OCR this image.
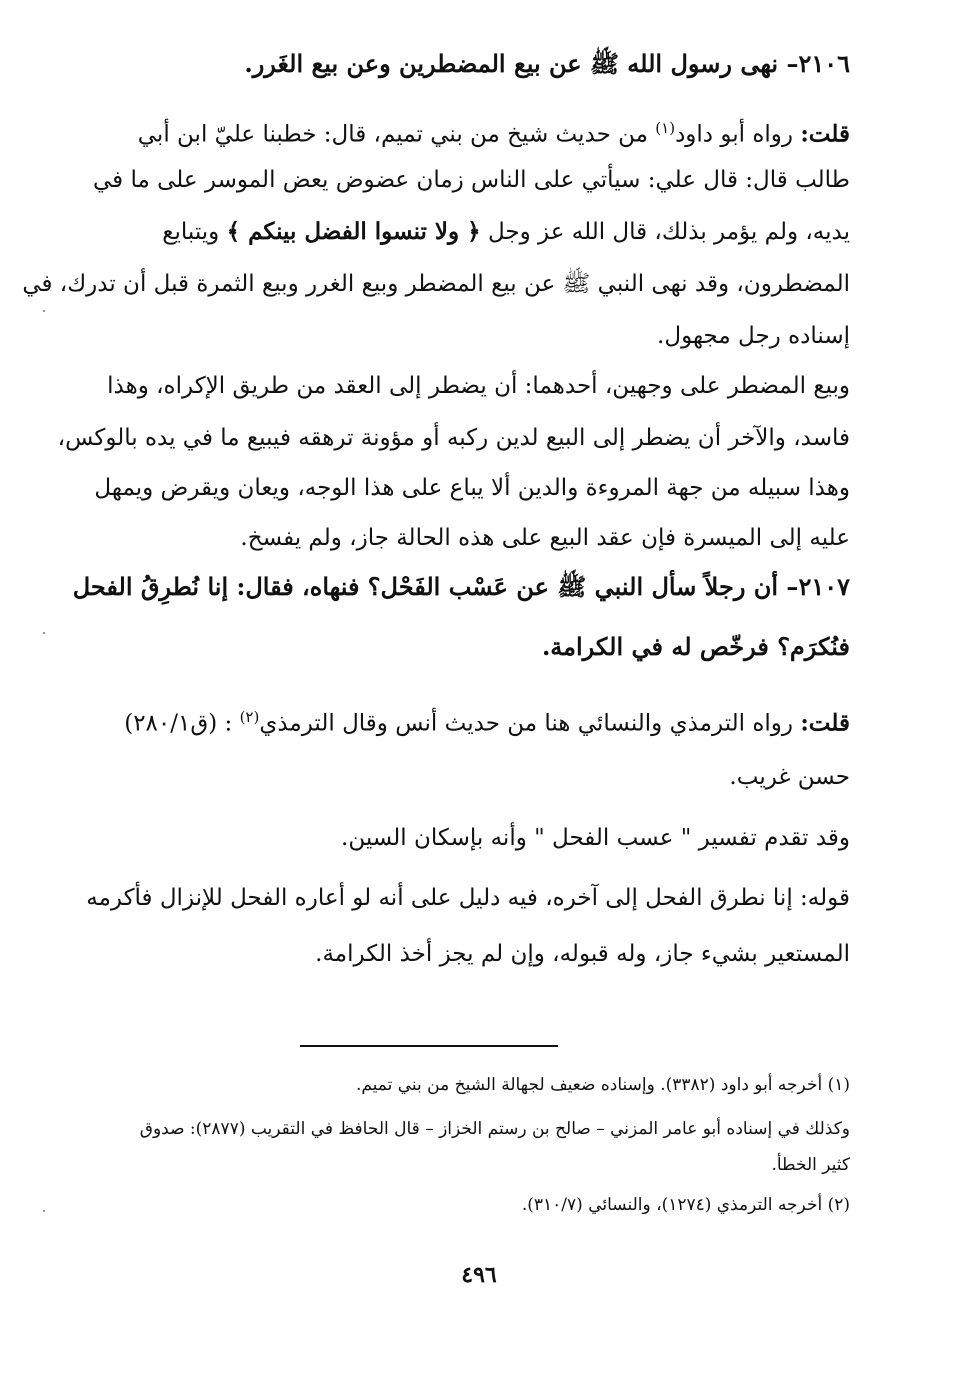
٢١٠٦– نهى رسول الله ﷺ عن بيع المضطرين وعن بيع الغَرر.
قلت: رواه أبو داود$^{(١)}$ من حديث شيخ من بني تميم، قال: خطبنا عليّ ابن أبي
طالب قال: قال علي: سيأتي على الناس زمان عضوض يعض الموسر على ما في
يديه، ولم يؤمر بذلك، قال الله عز وجل ﴿ ولا تنسوا الفضل بينكم ﴾ ويتبايع
المضطرون، وقد نهى النبي ﷺ عن بيع المضطر وبيع الغرر وبيع الثمرة قبل أن تدرك، في
إسناده رجل مجهول.
وبيع المضطر على وجهين، أحدهما: أن يضطر إلى العقد من طريق الإكراه، وهذا
فاسد، والآخر أن يضطر إلى البيع لدين ركبه أو مؤونة ترهقه فيبيع ما في يده بالوكس،
وهذا سبيله من جهة المروءة والدين ألا يباع على هذا الوجه، ويعان ويقرض ويمهل
عليه إلى الميسرة فإن عقد البيع على هذه الحالة جاز، ولم يفسخ.
٢١٠٧– أن رجلاً سأل النبي ﷺ عن عَسْب الفَحْل؟ فنهاه، فقال: إنا نُطرِقُ الفحل
فنُكرَم؟ فرخّص له في الكرامة.
قلت: رواه الترمذي والنسائي هنا من حديث أنس وقال الترمذي$^{(٢)}$ : (ق٢٨٠/١)
حسن غريب.
وقد تقدم تفسير " عسب الفحل " وأنه بإسكان السين.
قوله: إنا نطرق الفحل إلى آخره، فيه دليل على أنه لو أعاره الفحل للإنزال فأكرمه
المستعير بشيء جاز، وله قبوله، وإن لم يجز أخذ الكرامة.
(١) أخرجه أبو داود (٣٣٨٢). وإسناده ضعيف لجهالة الشيخ من بني تميم.
وكذلك في إسناده أبو عامر المزني – صالح بن رستم الخزاز – قال الحافظ في التقريب (٢٨٧٧): صدوق
كثير الخطأ.
(٢) أخرجه الترمذي (١٢٧٤)، والنسائي (٣١٠/٧).
٤٩٦
